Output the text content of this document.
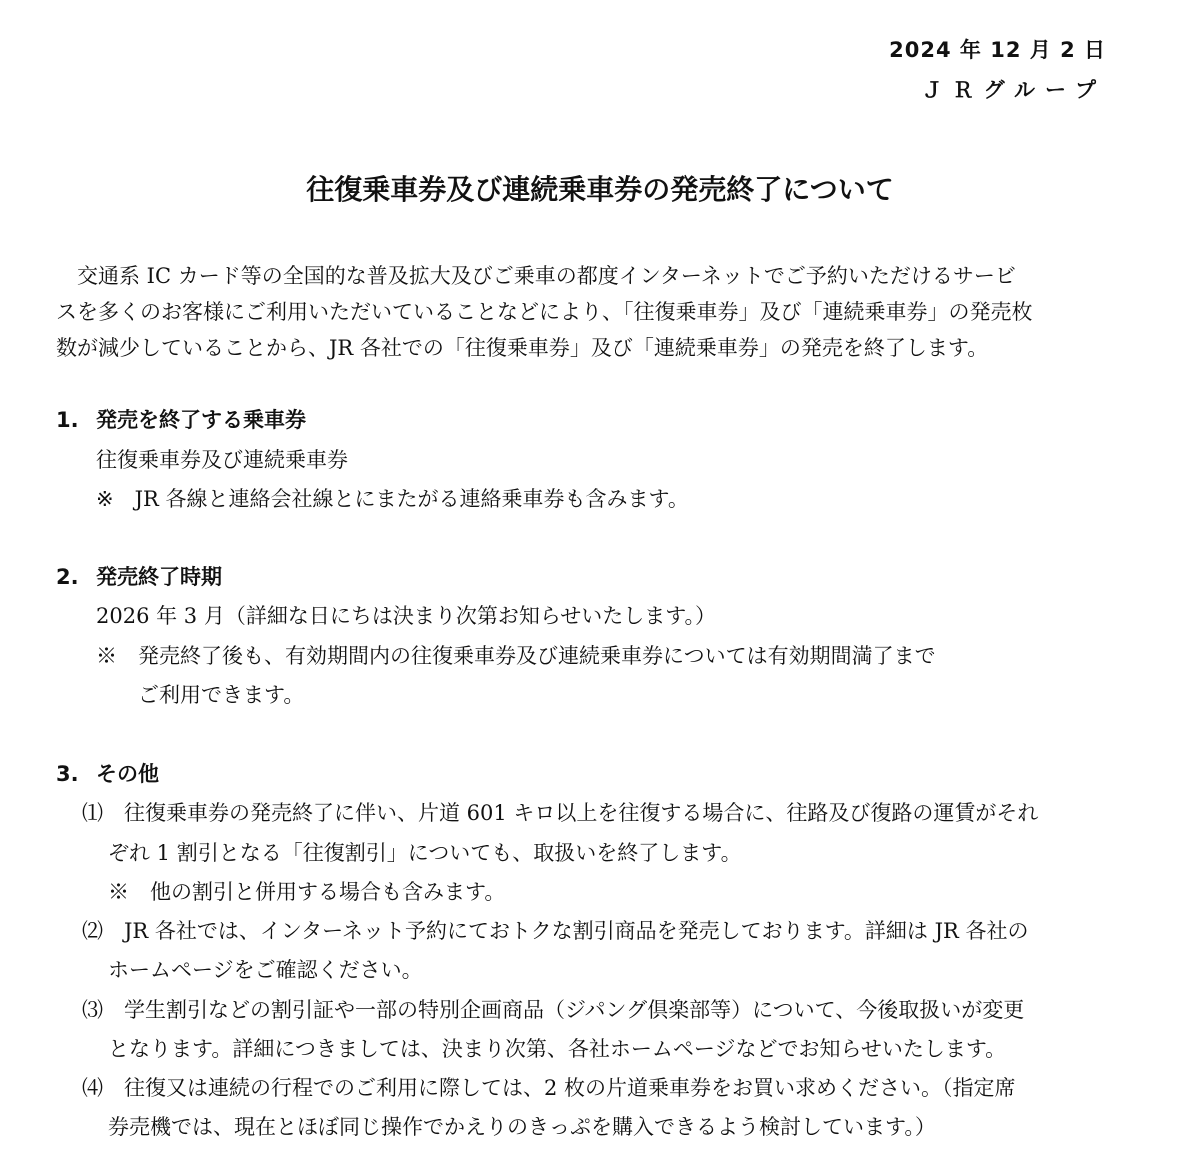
2024 年 12 月 2 日
ＪＲグループ
往復乗車券及び連続乗車券の発売終了について
　交通系 IC カード等の全国的な普及拡大及びご乗車の都度インターネットでご予約いただけるサービ
スを多くのお客様にご利用いただいていることなどにより、「往復乗車券」及び「連続乗車券」の発売枚
数が減少していることから、JR 各社での「往復乗車券」及び「連続乗車券」の発売を終了します。
1. 発売を終了する乗車券
往復乗車券及び連続乗車券
※　JR 各線と連絡会社線とにまたがる連絡乗車券も含みます。
2. 発売終了時期
2026 年 3 月（詳細な日にちは決まり次第お知らせいたします。）
※　発売終了後も、有効期間内の往復乗車券及び連続乗車券については有効期間満了まで
ご利用できます。
3. その他
⑴　往復乗車券の発売終了に伴い、片道 601 キロ以上を往復する場合に、往路及び復路の運賃がそれ
ぞれ 1 割引となる「往復割引」についても、取扱いを終了します。
※　他の割引と併用する場合も含みます。
⑵　JR 各社では、インターネット予約にておトクな割引商品を発売しております。詳細は JR 各社の
ホームページをご確認ください。
⑶　学生割引などの割引証や一部の特別企画商品（ジパング倶楽部等）について、今後取扱いが変更
となります。詳細につきましては、決まり次第、各社ホームページなどでお知らせいたします。
⑷　往復又は連続の行程でのご利用に際しては、2 枚の片道乗車券をお買い求めください。（指定席
券売機では、現在とほぼ同じ操作でかえりのきっぷを購入できるよう検討しています。）
